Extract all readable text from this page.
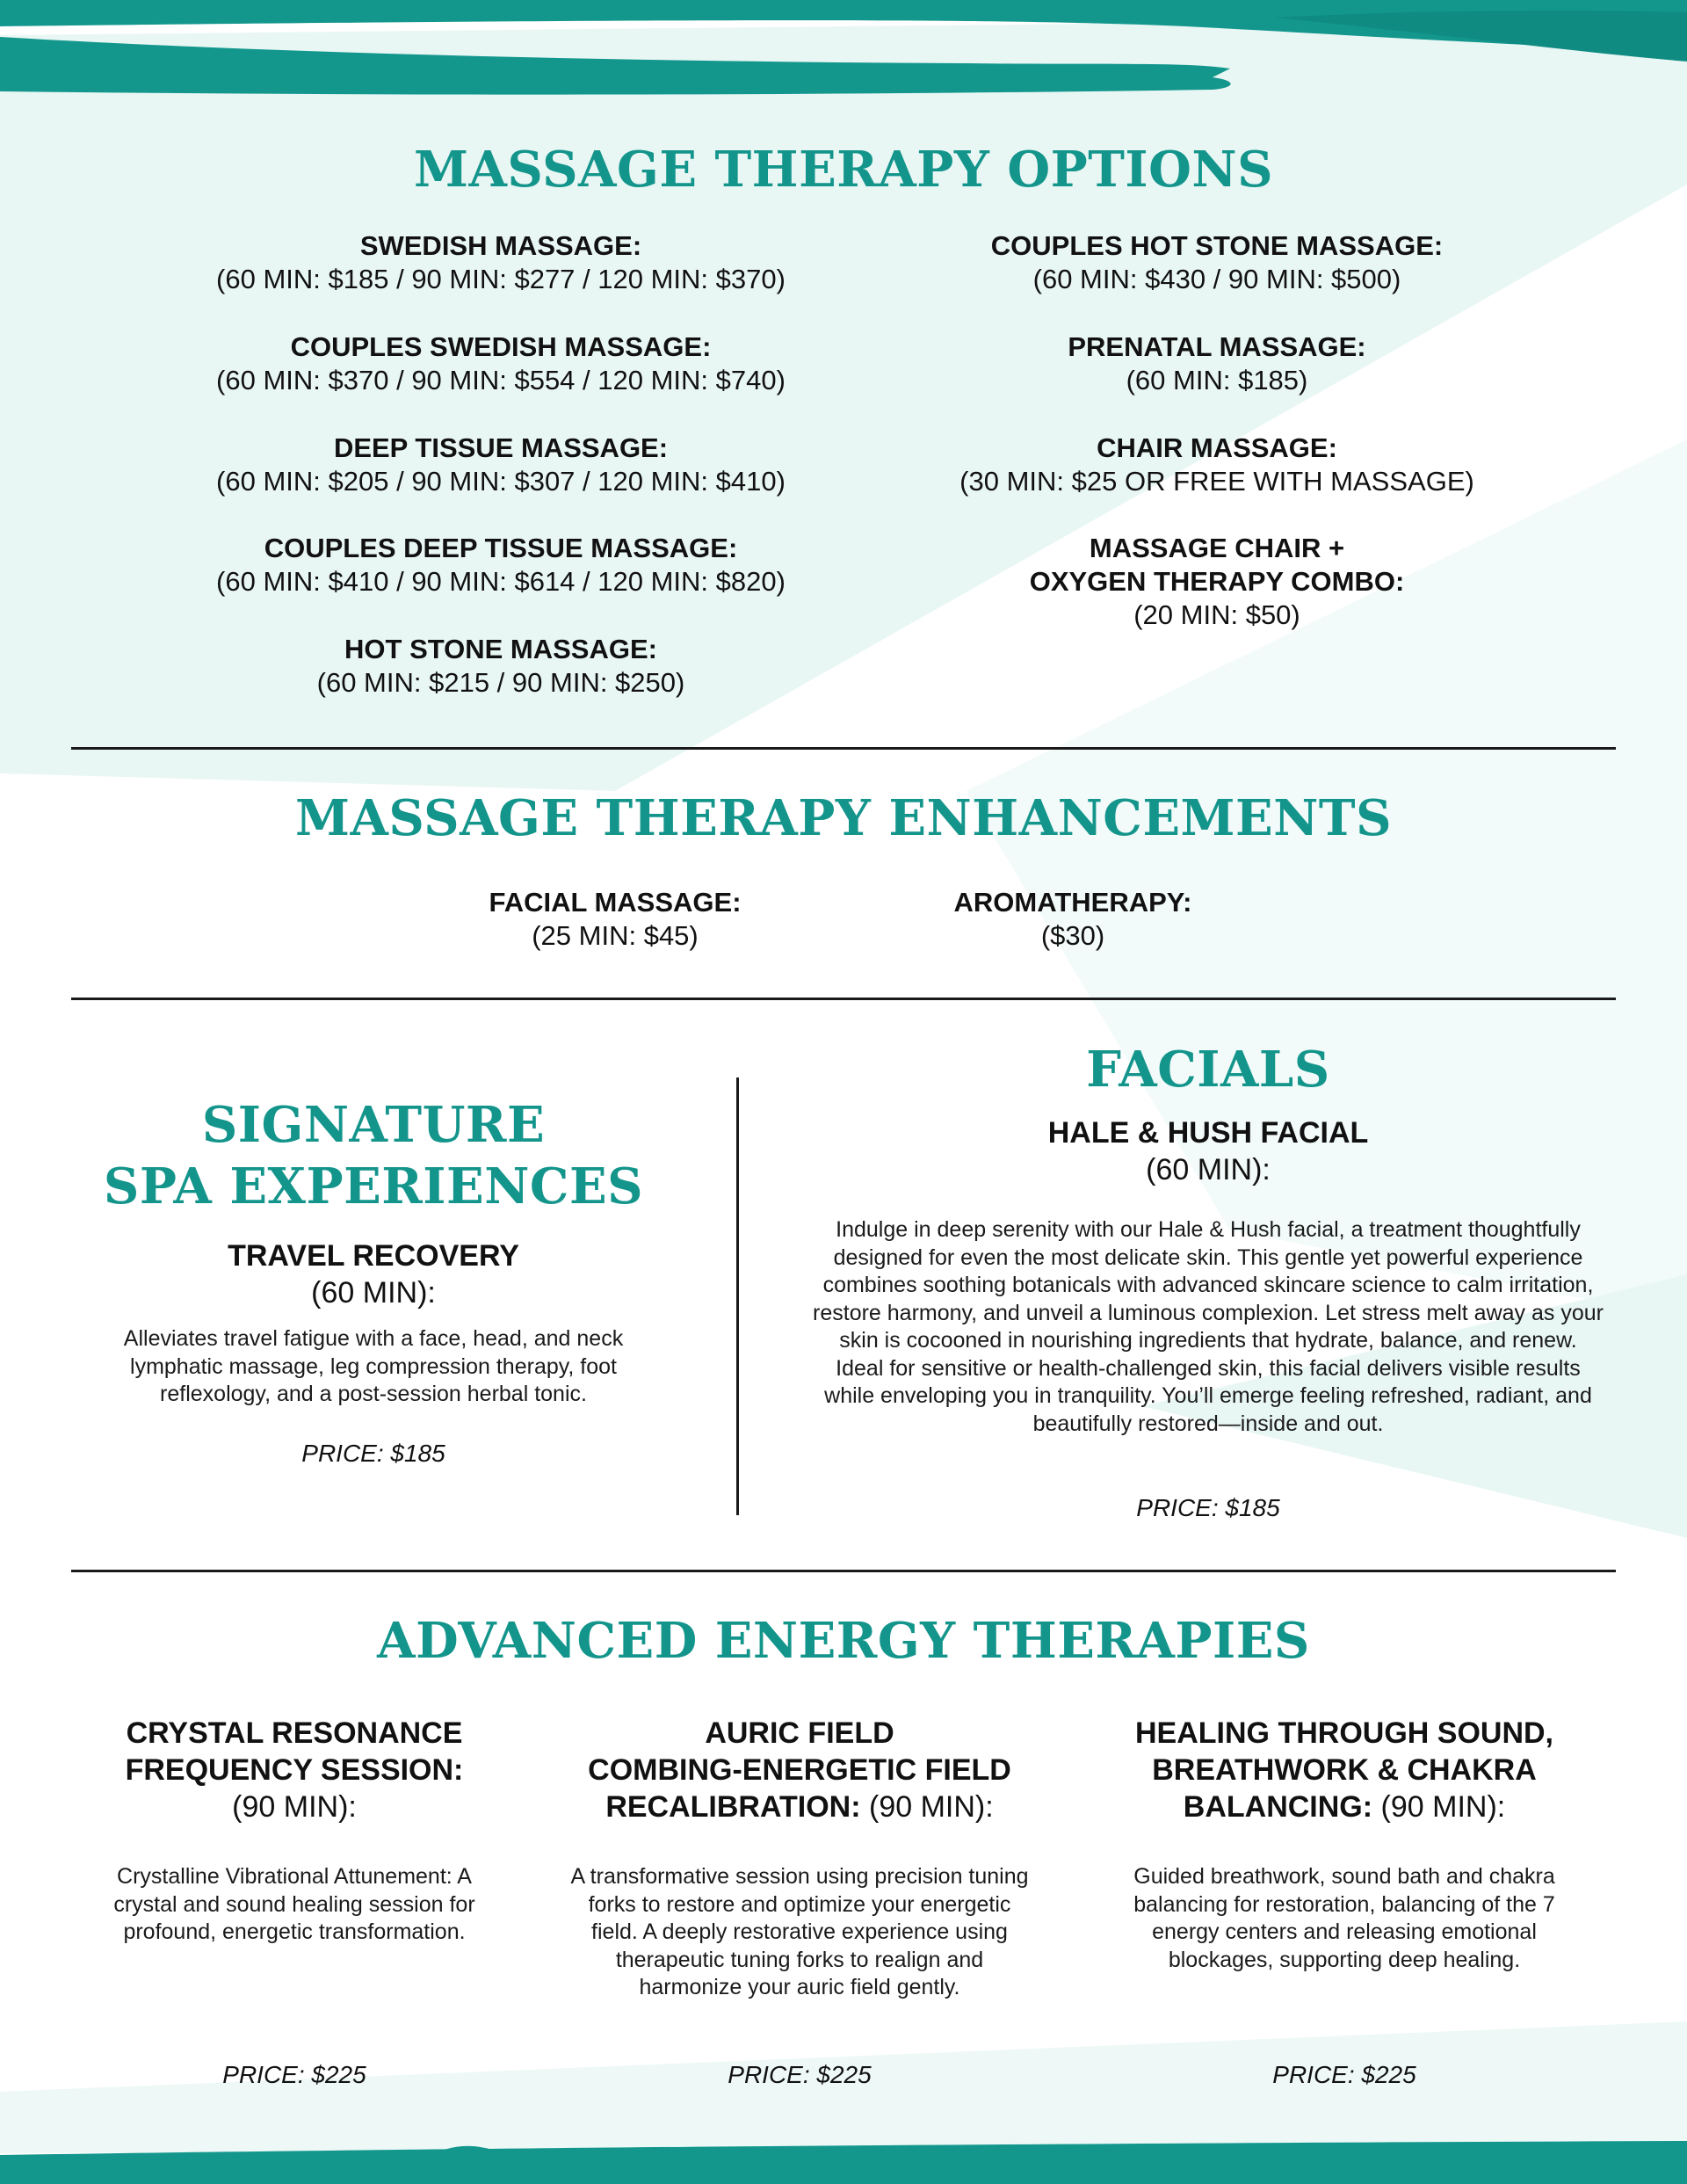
MASSAGE THERAPY OPTIONS
SWEDISH MASSAGE:
(60 MIN: $185 / 90 MIN: $277 / 120 MIN: $370)
COUPLES SWEDISH MASSAGE:
(60 MIN: $370 / 90 MIN: $554 / 120 MIN: $740)
DEEP TISSUE MASSAGE:
(60 MIN: $205 / 90 MIN: $307 / 120 MIN: $410)
COUPLES DEEP TISSUE MASSAGE:
(60 MIN: $410 / 90 MIN: $614 / 120 MIN: $820)
HOT STONE MASSAGE:
(60 MIN: $215 / 90 MIN: $250)
COUPLES HOT STONE MASSAGE:
(60 MIN: $430 / 90 MIN: $500)
PRENATAL MASSAGE:
(60 MIN: $185)
CHAIR MASSAGE:
(30 MIN: $25 OR FREE WITH MASSAGE)
MASSAGE CHAIR +
OXYGEN THERAPY COMBO:
(20 MIN: $50)
MASSAGE THERAPY ENHANCEMENTS
FACIAL MASSAGE:
(25 MIN: $45)
AROMATHERAPY:
($30)
SIGNATURE
SPA EXPERIENCES
TRAVEL RECOVERY
(60 MIN):
Alleviates travel fatigue with a face, head, and neck lymphatic massage, leg compression therapy, foot reflexology, and a post-session herbal tonic.
PRICE: $185
FACIALS
HALE & HUSH FACIAL
(60 MIN):
Indulge in deep serenity with our Hale & Hush facial, a treatment thoughtfully designed for even the most delicate skin. This gentle yet powerful experience combines soothing botanicals with advanced skincare science to calm irritation, restore harmony, and unveil a luminous complexion. Let stress melt away as your skin is cocooned in nourishing ingredients that hydrate, balance, and renew. Ideal for sensitive or health-challenged skin, this facial delivers visible results while enveloping you in tranquility. You’ll emerge feeling refreshed, radiant, and beautifully restored—inside and out.
PRICE: $185
ADVANCED ENERGY THERAPIES
CRYSTAL RESONANCE
FREQUENCY SESSION:
(90 MIN):
Crystalline Vibrational Attunement: A crystal and sound healing session for profound, energetic transformation.
PRICE: $225
AURIC FIELD
COMBING-ENERGETIC FIELD
RECALIBRATION: (90 MIN):
A transformative session using precision tuning forks to restore and optimize your energetic field. A deeply restorative experience using therapeutic tuning forks to realign and harmonize your auric field gently.
PRICE: $225
HEALING THROUGH SOUND,
BREATHWORK & CHAKRA
BALANCING: (90 MIN):
Guided breathwork, sound bath and chakra balancing for restoration, balancing of the 7 energy centers and releasing emotional blockages, supporting deep healing.
PRICE: $225
